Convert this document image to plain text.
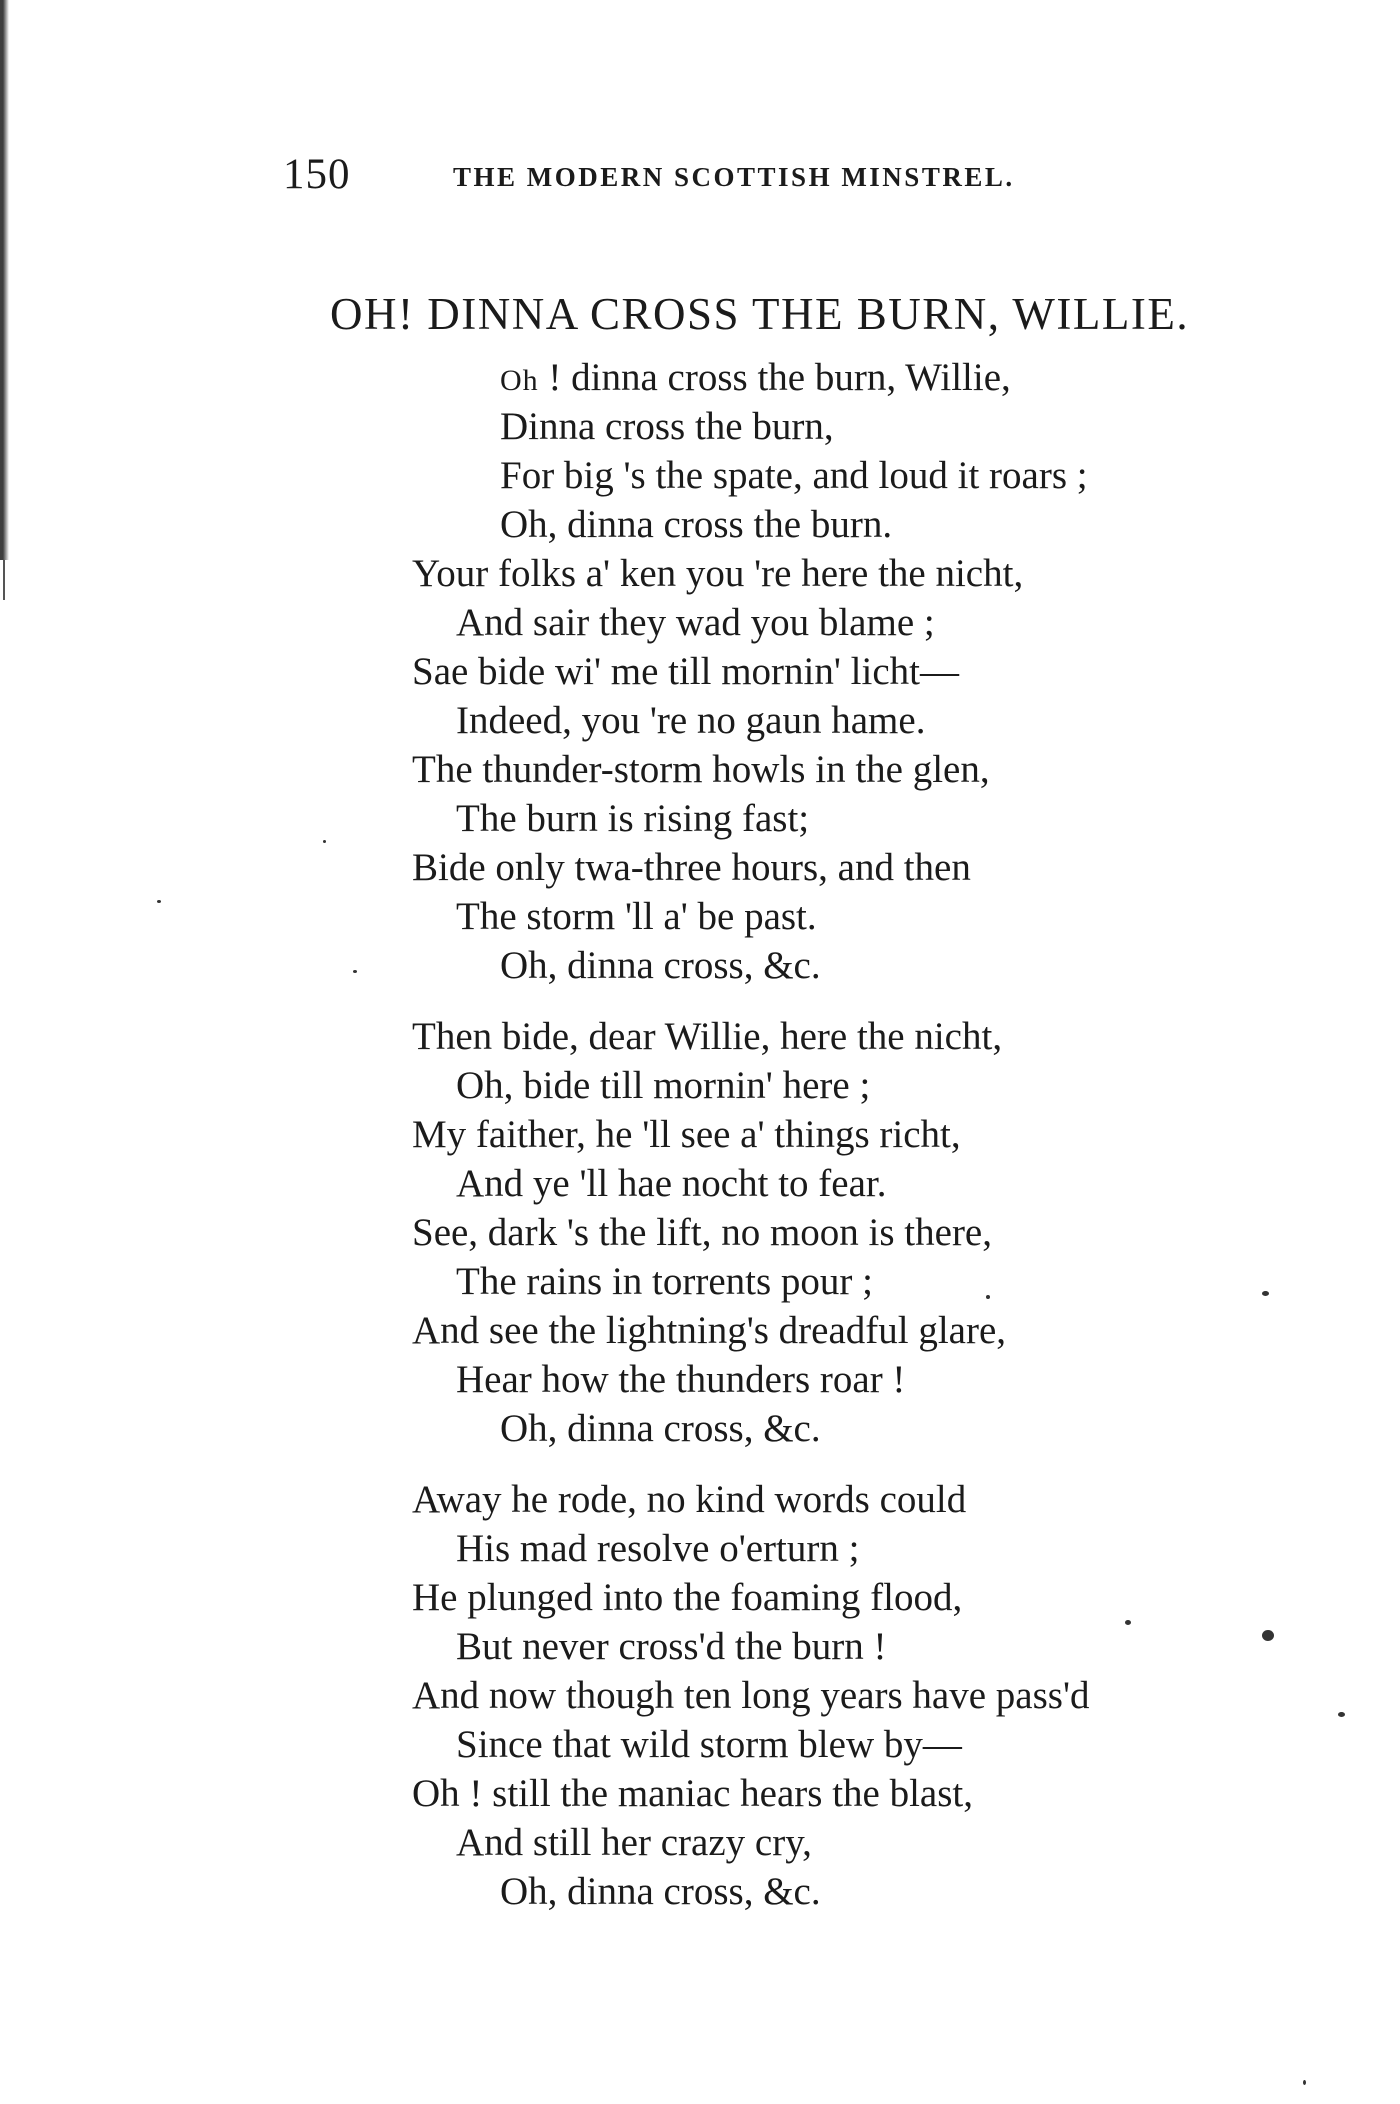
150	THE MODERN SCOTTISH MINSTREL.
OH! DINNA CROSS THE BURN, WILLIE.
Oh ! dinna cross the burn, Willie,
Dinna cross the burn,
For big 's the spate, and loud it roars ;
Oh, dinna cross the burn.
Your folks a' ken you 're here the nicht,
And sair they wad you blame ;
Sae bide wi' me till mornin' licht—
Indeed, you 're no gaun hame.
The thunder-storm howls in the glen,
The burn is rising fast;
Bide only twa-three hours, and then
The storm 'll a' be past.
Oh, dinna cross, &c.
Then bide, dear Willie, here the nicht,
Oh, bide till mornin' here ;
My faither, he 'll see a' things richt,
And ye 'll hae nocht to fear.
See, dark 's the lift, no moon is there,
The rains in torrents pour ;
And see the lightning's dreadful glare,
Hear how the thunders roar !
Oh, dinna cross, &c.
Away he rode, no kind words could
His mad resolve o'erturn ;
He plunged into the foaming flood,
But never cross'd the burn !
And now though ten long years have pass'd
Since that wild storm blew by—
Oh ! still the maniac hears the blast,
And still her crazy cry,
Oh, dinna cross, &c.
